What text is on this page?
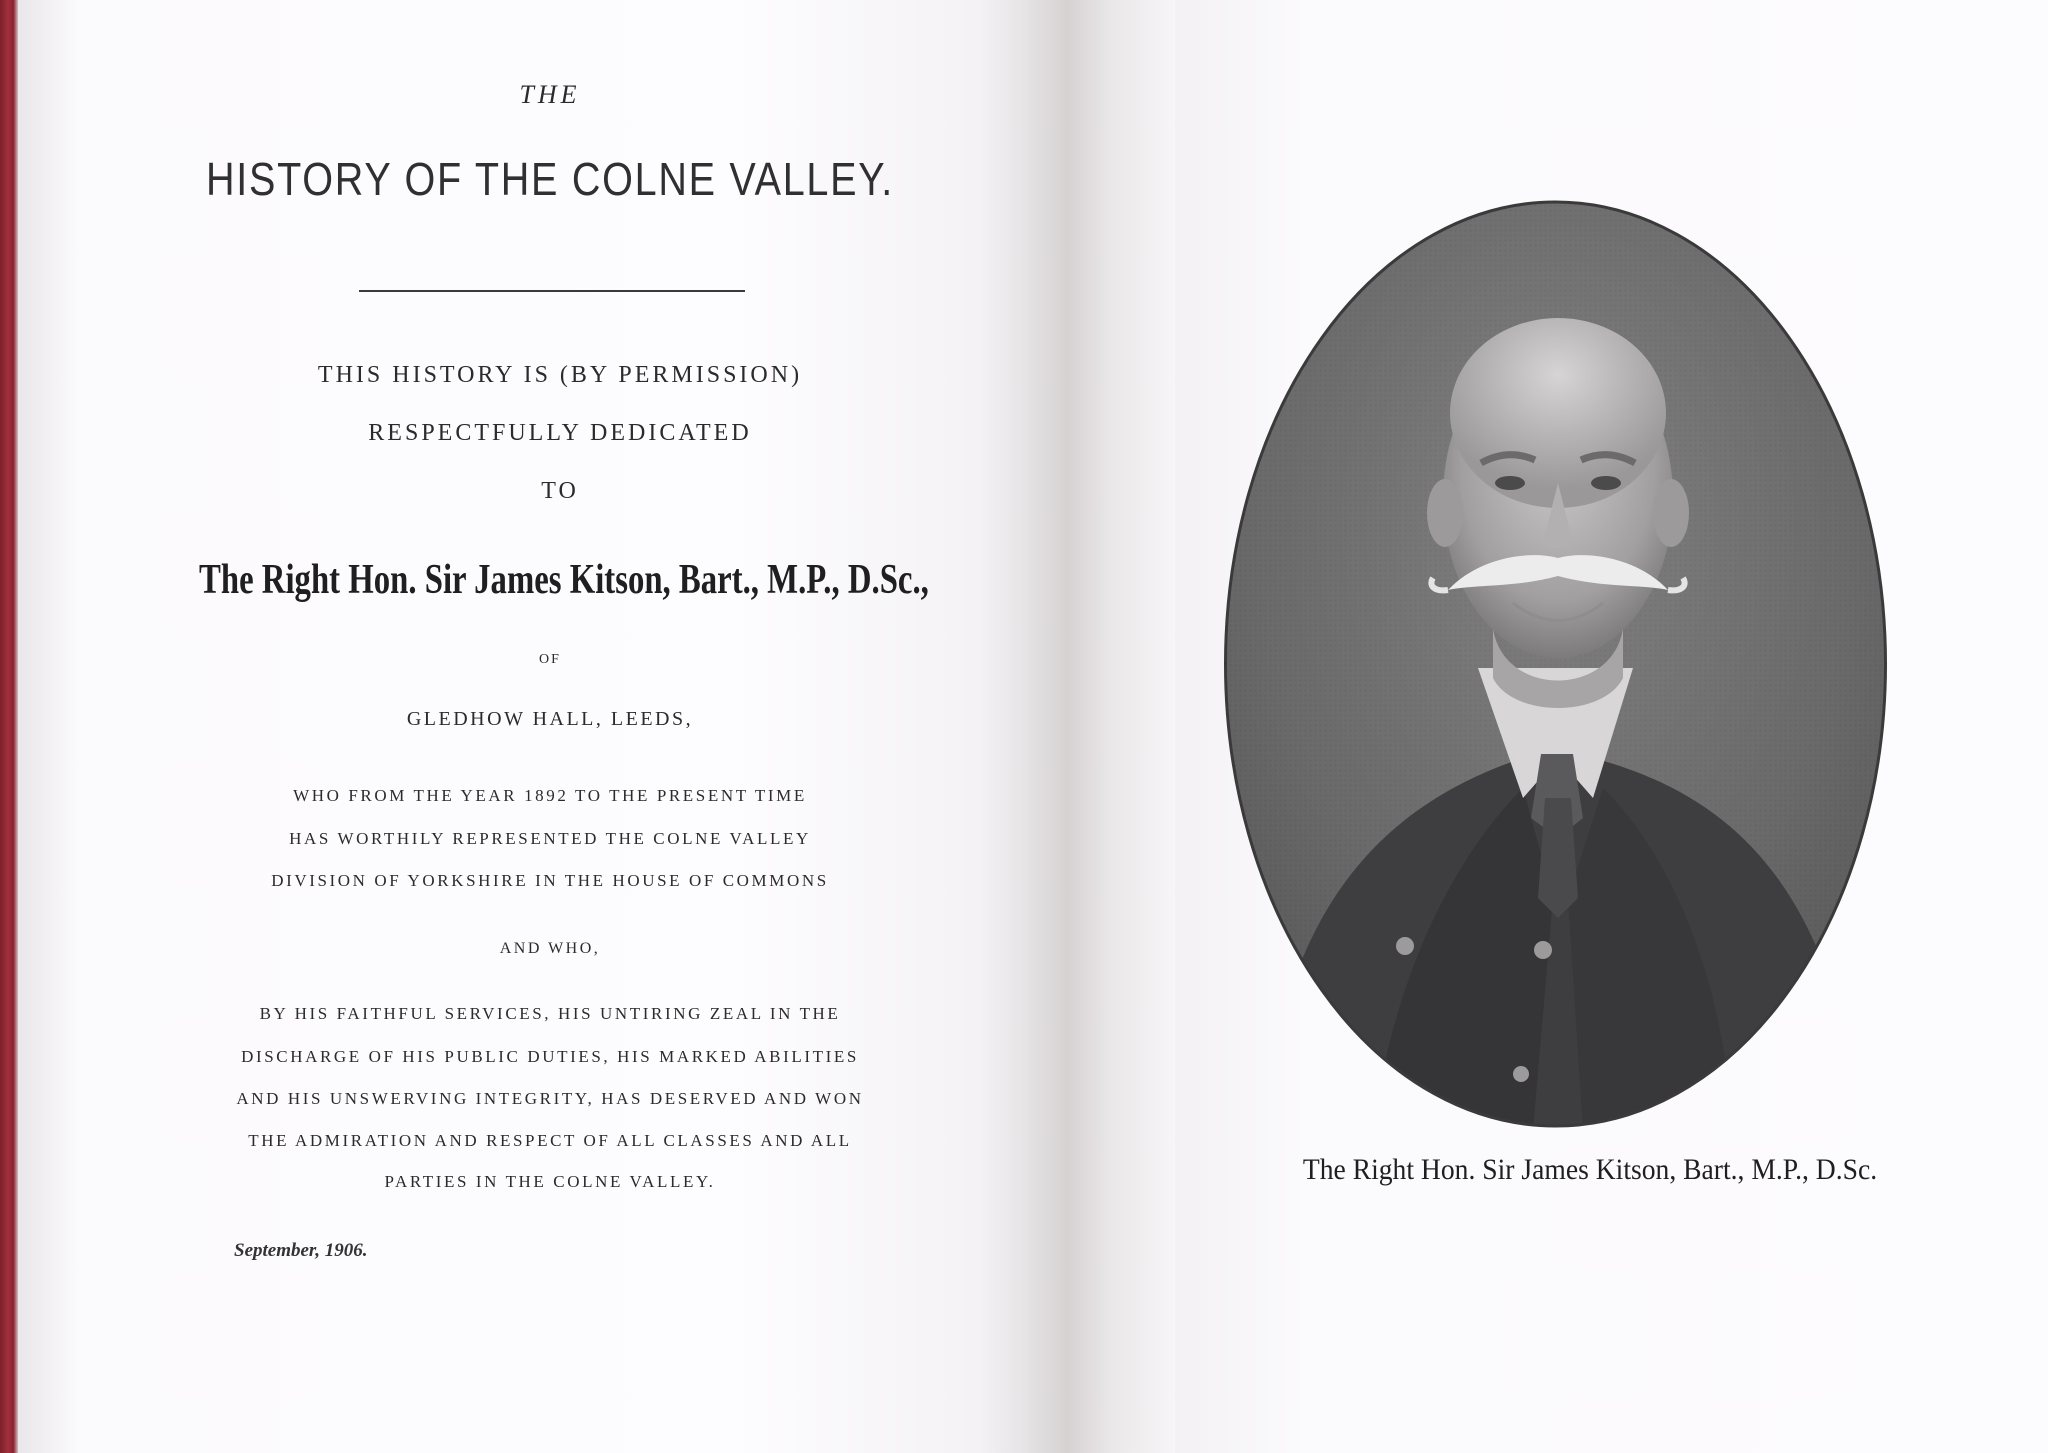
THE
HISTORY OF THE COLNE VALLEY.
THIS HISTORY IS (BY PERMISSION)
RESPECTFULLY DEDICATED
TO
The Right Hon. Sir James Kitson, Bart., M.P., D.Sc.,
OF
GLEDHOW HALL, LEEDS,
WHO FROM THE YEAR 1892 TO THE PRESENT TIME
HAS WORTHILY REPRESENTED THE COLNE VALLEY
DIVISION OF YORKSHIRE IN THE HOUSE OF COMMONS
AND WHO,
BY HIS FAITHFUL SERVICES, HIS UNTIRING ZEAL IN THE
DISCHARGE OF HIS PUBLIC DUTIES, HIS MARKED ABILITIES
AND HIS UNSWERVING INTEGRITY, HAS DESERVED AND WON
THE ADMIRATION AND RESPECT OF ALL CLASSES AND ALL
PARTIES IN THE COLNE VALLEY.
September, 1906.
The Right Hon. Sir James Kitson, Bart., M.P., D.Sc.
